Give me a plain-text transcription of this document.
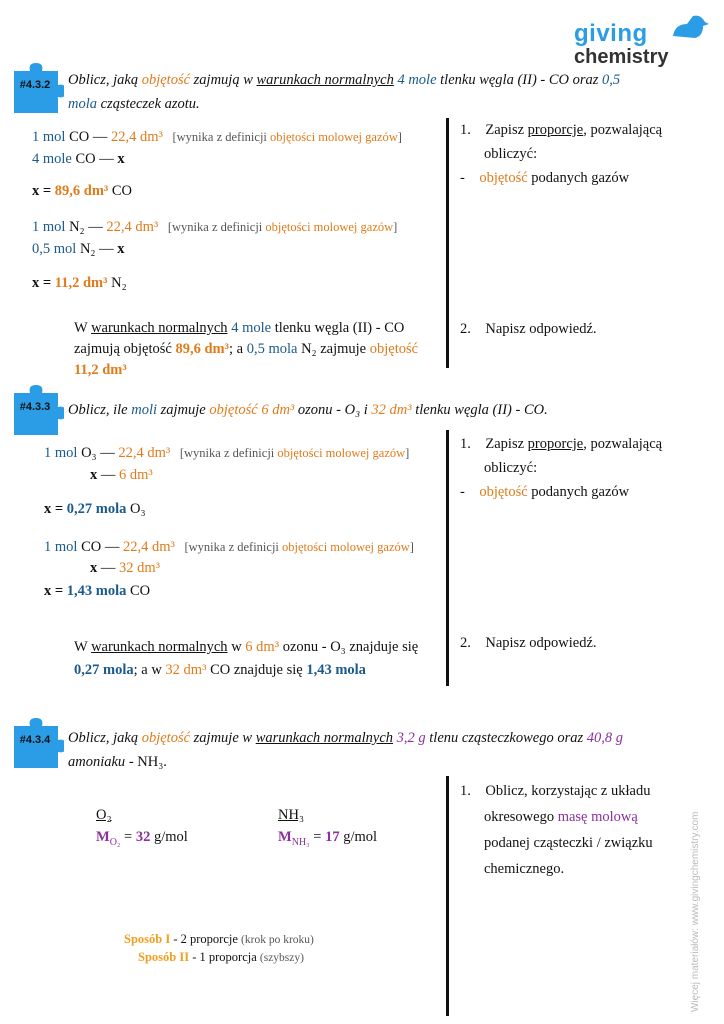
giving
chemistry
Więcej materiałów: www.givingchemistry.com
#4.3.2	Oblicz, jaką objętość zajmują w warunkach normalnych 4 mole tlenku węgla (II) - CO oraz 0,5
mola cząsteczek azotu.
1 mol CO — 22,4 dm³ [wynika z definicji objętości molowej gazów]
4 mole CO — x
x = 89,6 dm³ CO
1 mol N₂ — 22,4 dm³ [wynika z definicji objętości molowej gazów]
0,5 mol N₂ — x
x = 11,2 dm³ N₂
W warunkach normalnych 4 mole tlenku węgla (II) - CO
zajmują objętość 89,6 dm³; a 0,5 mola N₂ zajmuje objętość
11,2 dm³
1. Zapisz proporcje, pozwalającą
obliczyć:
- objętość podanych gazów
2. Napisz odpowiedź.
#4.3.3	Oblicz, ile moli zajmuje objętość 6 dm³ ozonu - O₃ i 32 dm³ tlenku węgla (II) - CO.
1 mol O₃ — 22,4 dm³ [wynika z definicji objętości molowej gazów]
x — 6 dm³
x = 0,27 mola O₃
1 mol CO — 22,4 dm³ [wynika z definicji objętości molowej gazów]
x — 32 dm³
x = 1,43 mola CO
W warunkach normalnych w 6 dm³ ozonu - O₃ znajduje się
0,27 mola; a w 32 dm³ CO znajduje się 1,43 mola
1. Zapisz proporcje, pozwalającą
obliczyć:
- objętość podanych gazów
2. Napisz odpowiedź.
#4.3.4	Oblicz, jaką objętość zajmuje w warunkach normalnych 3,2 g tlenu cząsteczkowego oraz 40,8 g
amoniaku - NH₃.
O₂
$M_{O_2} = 32$ g/mol
NH₃
$M_{NH_3} = 17$ g/mol
Sposób I - 2 proporcje (krok po kroku)
Sposób II - 1 proporcja (szybszy)
1. Oblicz, korzystając z układu
okresowego masę molową
podanej cząsteczki / związku
chemicznego.
